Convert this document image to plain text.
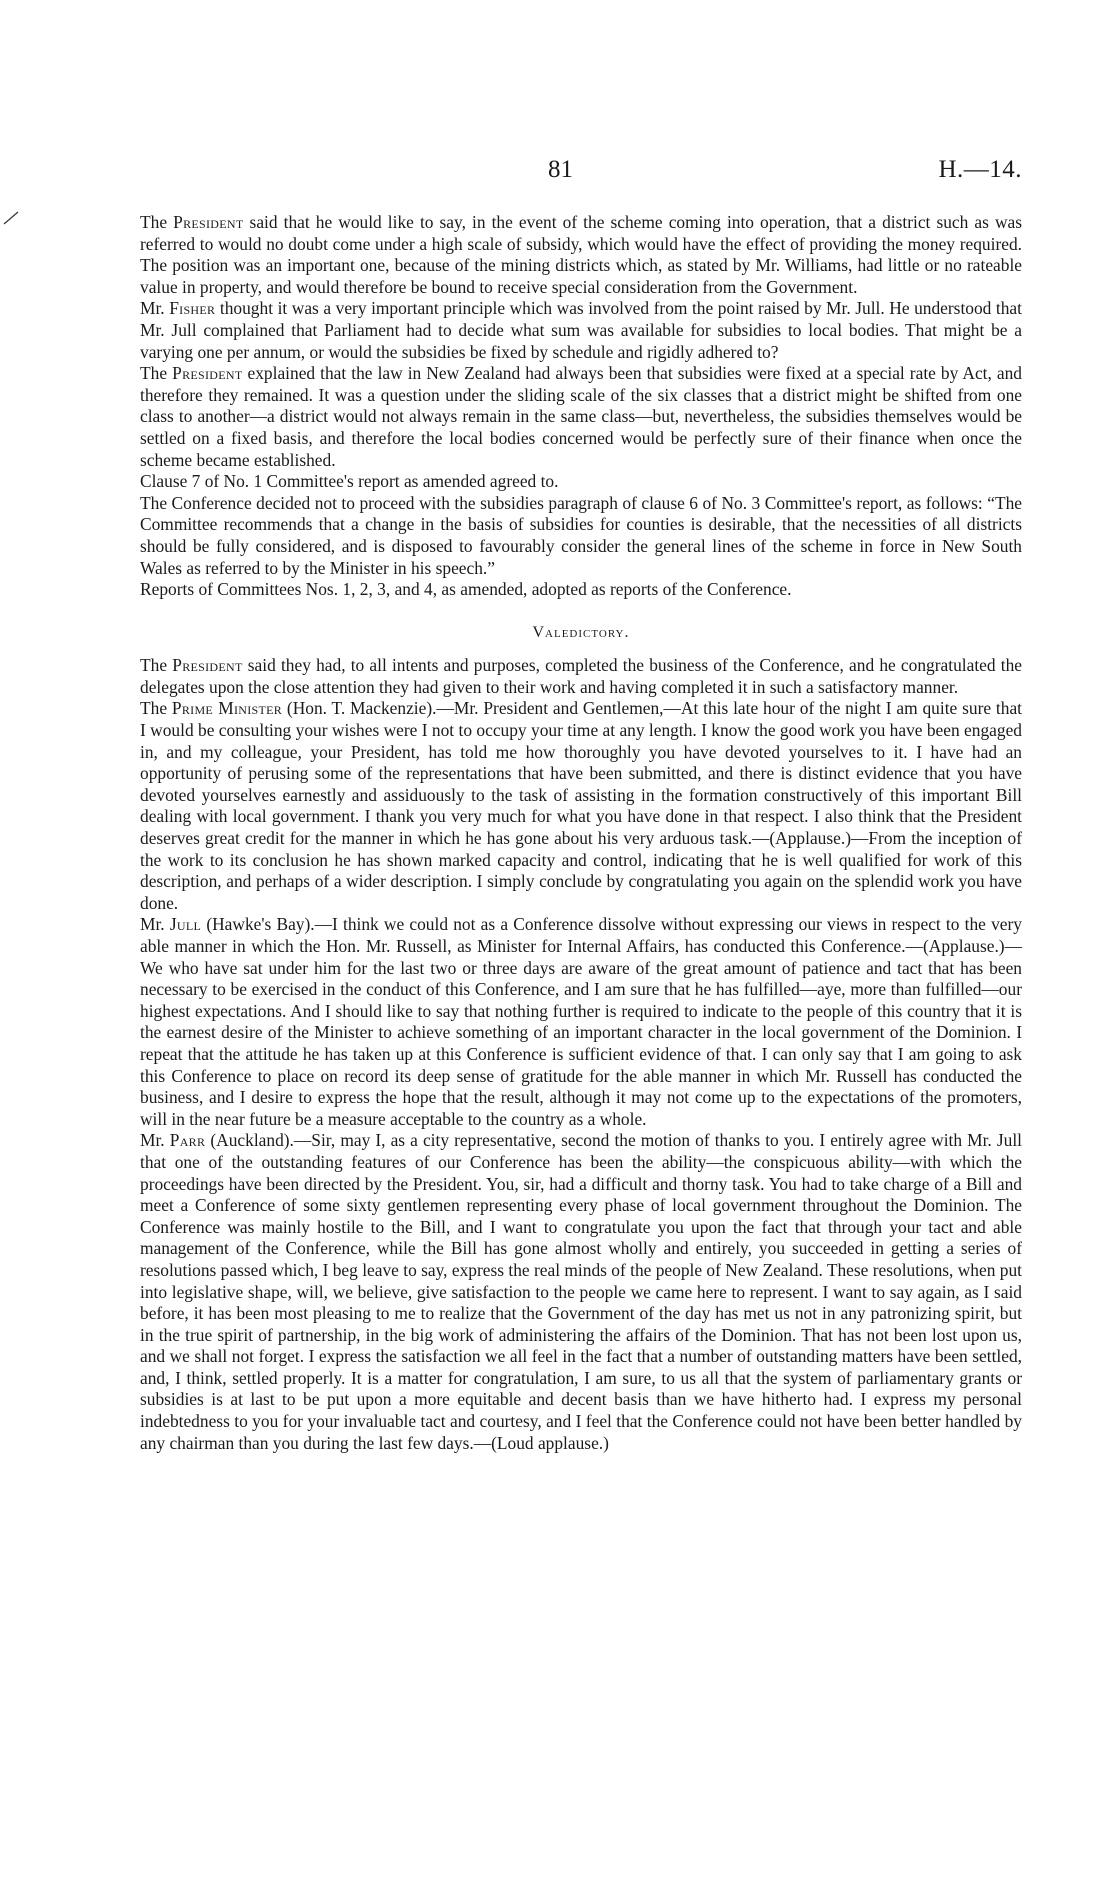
81	H.—14.

The President said that he would like to say, in the event of the scheme coming into operation, that a district such as was referred to would no doubt come under a high scale of subsidy, which would have the effect of providing the money required. The position was an important one, because of the mining districts which, as stated by Mr. Williams, had little or no rateable value in property, and would therefore be bound to receive special consideration from the Government.

Mr. Fisher thought it was a very important principle which was involved from the point raised by Mr. Jull. He understood that Mr. Jull complained that Parliament had to decide what sum was available for subsidies to local bodies. That might be a varying one per annum, or would the subsidies be fixed by schedule and rigidly adhered to?

The President explained that the law in New Zealand had always been that subsidies were fixed at a special rate by Act, and therefore they remained. It was a question under the sliding scale of the six classes that a district might be shifted from one class to another—a district would not always remain in the same class—but, nevertheless, the subsidies themselves would be settled on a fixed basis, and therefore the local bodies concerned would be perfectly sure of their finance when once the scheme became established.

Clause 7 of No. 1 Committee's report as amended agreed to.

The Conference decided not to proceed with the subsidies paragraph of clause 6 of No. 3 Committee's report, as follows: “The Committee recommends that a change in the basis of subsidies for counties is desirable, that the necessities of all districts should be fully considered, and is disposed to favourably consider the general lines of the scheme in force in New South Wales as referred to by the Minister in his speech.”

Reports of Committees Nos. 1, 2, 3, and 4, as amended, adopted as reports of the Conference.

Valedictory.

The President said they had, to all intents and purposes, completed the business of the Conference, and he congratulated the delegates upon the close attention they had given to their work and having completed it in such a satisfactory manner.

The Prime Minister (Hon. T. Mackenzie).—Mr. President and Gentlemen,—At this late hour of the night I am quite sure that I would be consulting your wishes were I not to occupy your time at any length. I know the good work you have been engaged in, and my colleague, your President, has told me how thoroughly you have devoted yourselves to it. I have had an opportunity of perusing some of the representations that have been submitted, and there is distinct evidence that you have devoted yourselves earnestly and assiduously to the task of assisting in the formation constructively of this important Bill dealing with local government. I thank you very much for what you have done in that respect. I also think that the President deserves great credit for the manner in which he has gone about his very arduous task.—(Applause.)—From the inception of the work to its conclusion he has shown marked capacity and control, indicating that he is well qualified for work of this description, and perhaps of a wider description. I simply conclude by congratulating you again on the splendid work you have done.

Mr. Jull (Hawke's Bay).—I think we could not as a Conference dissolve without expressing our views in respect to the very able manner in which the Hon. Mr. Russell, as Minister for Internal Affairs, has conducted this Conference.—(Applause.)—We who have sat under him for the last two or three days are aware of the great amount of patience and tact that has been necessary to be exercised in the conduct of this Conference, and I am sure that he has fulfilled—aye, more than fulfilled—our highest expectations. And I should like to say that nothing further is required to indicate to the people of this country that it is the earnest desire of the Minister to achieve something of an important character in the local government of the Dominion. I repeat that the attitude he has taken up at this Conference is sufficient evidence of that. I can only say that I am going to ask this Conference to place on record its deep sense of gratitude for the able manner in which Mr. Russell has conducted the business, and I desire to express the hope that the result, although it may not come up to the expectations of the promoters, will in the near future be a measure acceptable to the country as a whole.

Mr. Parr (Auckland).—Sir, may I, as a city representative, second the motion of thanks to you. I entirely agree with Mr. Jull that one of the outstanding features of our Conference has been the ability—the conspicuous ability—with which the proceedings have been directed by the President. You, sir, had a difficult and thorny task. You had to take charge of a Bill and meet a Conference of some sixty gentlemen representing every phase of local government throughout the Dominion. The Conference was mainly hostile to the Bill, and I want to congratulate you upon the fact that through your tact and able management of the Conference, while the Bill has gone almost wholly and entirely, you succeeded in getting a series of resolutions passed which, I beg leave to say, express the real minds of the people of New Zealand. These resolutions, when put into legislative shape, will, we believe, give satisfaction to the people we came here to represent. I want to say again, as I said before, it has been most pleasing to me to realize that the Government of the day has met us not in any patronizing spirit, but in the true spirit of partnership, in the big work of administering the affairs of the Dominion. That has not been lost upon us, and we shall not forget. I express the satisfaction we all feel in the fact that a number of outstanding matters have been settled, and, I think, settled properly. It is a matter for congratulation, I am sure, to us all that the system of parliamentary grants or subsidies is at last to be put upon a more equitable and decent basis than we have hitherto had. I express my personal indebtedness to you for your invaluable tact and courtesy, and I feel that the Conference could not have been better handled by any chairman than you during the last few days.—(Loud applause.)
